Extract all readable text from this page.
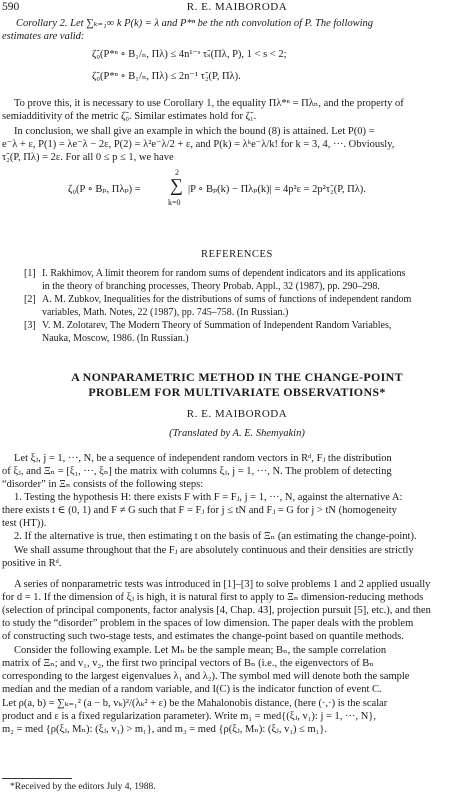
590	R. E. MAIBORODA
Corollary 2. Let ∑ₖ₌₁∞ k P(k) = λ and P*ⁿ be the nth convolution of P. The following
estimates are valid:
ζ̃₀(P*ⁿ ∘ B₁/ₙ, Πλ) ≤ 4n¹⁻ˢ τ̃ₛ(Πλ, P), 1 < s < 2;
ζ̃₀(P*ⁿ ∘ B₁/ₙ, Πλ) ≤ 2n⁻¹ τ̃₂(P, Πλ).
To prove this, it is necessary to use Corollary 1, the equality Πλ*ⁿ = Πλₙ, and the property of
semiadditivity of the metric ζ̃₀. Similar estimates hold for ζ̃₁.
In conclusion, we shall give an example in which the bound (8) is attained. Let P(0) =
e⁻λ + ε, P(1) = λe⁻λ − 2ε, P(2) = λ²e⁻λ/2 + ε, and P(k) = λᵏe⁻λ/k! for k = 3, 4, ···. Obviously,
τ̃₂(P, Πλ) = 2ε. For all 0 ≤ p ≤ 1, we have
ζ₀(P ∘ Bₚ, Πλₚ) =
2
∑
k=0
|P ∘ Bₚ(k) − Πλₚ(k)| = 4p²ε = 2p²τ̃₂(P, Πλ).
REFERENCES
[1] I. Rakhimov, A limit theorem for random sums of dependent indicators and its applications
in the theory of branching processes, Theory Probab. Appl., 32 (1987), pp. 290–298.
[2] A. M. Zubkov, Inequalities for the distributions of sums of functions of independent random
variables, Math. Notes, 22 (1987), pp. 745–758. (In Russian.)
[3] V. M. Zolotarev, The Modern Theory of Summation of Independent Random Variables,
Nauka, Moscow, 1986. (In Russian.)
A NONPARAMETRIC METHOD IN THE CHANGE-POINT
PROBLEM FOR MULTIVARIATE OBSERVATIONS*
R. E. MAIBORODA
(Translated by A. E. Shemyakin)
Let ξⱼ, j = 1, ···, N, be a sequence of independent random vectors in Rᵈ, Fⱼ the distribution
of ξⱼ, and Ξₙ = [ξ₁, ···, ξₙ] the matrix with columns ξⱼ, j = 1, ···, N. The problem of detecting
“disorder” in Ξₙ consists of the following steps:
1. Testing the hypothesis H: there exists F with F = Fⱼ, j = 1, ···, N, against the alternative A:
there exists t ∈ (0, 1) and F ≠ G such that F = Fⱼ for j ≤ tN and Fⱼ = G for j > tN (homogeneity
test (HT)).
2. If the alternative is true, then estimating t on the basis of Ξₙ (an estimating the change-point).
We shall assume throughout that the Fⱼ are absolutely continuous and their densities are strictly
positive in Rᵈ.
A series of nonparametric tests was introduced in [1]–[3] to solve problems 1 and 2 applied usually
for d = 1. If the dimension of ξⱼ is high, it is natural first to apply to Ξₙ dimension-reducing methods
(selection of principal components, factor analysis [4, Chap. 43], projection pursuit [5], etc.), and then
to study the “disorder” problem in the spaces of low dimension. The paper deals with the problem
of constructing such two-stage tests, and estimates the change-point based on quantile methods.
Consider the following example. Let Mₙ be the sample mean; Bₙ, the sample correlation
matrix of Ξₙ; and v₁, v₂, the first two principal vectors of Bₙ (i.e., the eigenvectors of Bₙ
corresponding to the largest eigenvalues λ₁ and λ₂). The symbol med will denote both the sample
median and the median of a random variable, and I(C) is the indicator function of event C.
Let ρ(a, b) = ∑ₖ₌₁² (a − b, vₖ)²/(λₖ² + ε) be the Mahalonobis distance, (here (·,·) is the scalar
product and ε is a fixed regularization parameter). Write m₁ = med{(ξⱼ, v₁): j = 1, ···, N},
m₂ = med {ρ(ξⱼ, Mₙ): (ξⱼ, v₁) > m₁}, and m₃ = med {ρ(ξⱼ, Mₙ): (ξⱼ, v₁) ≤ m₁}.
*Received by the editors July 4, 1988.
